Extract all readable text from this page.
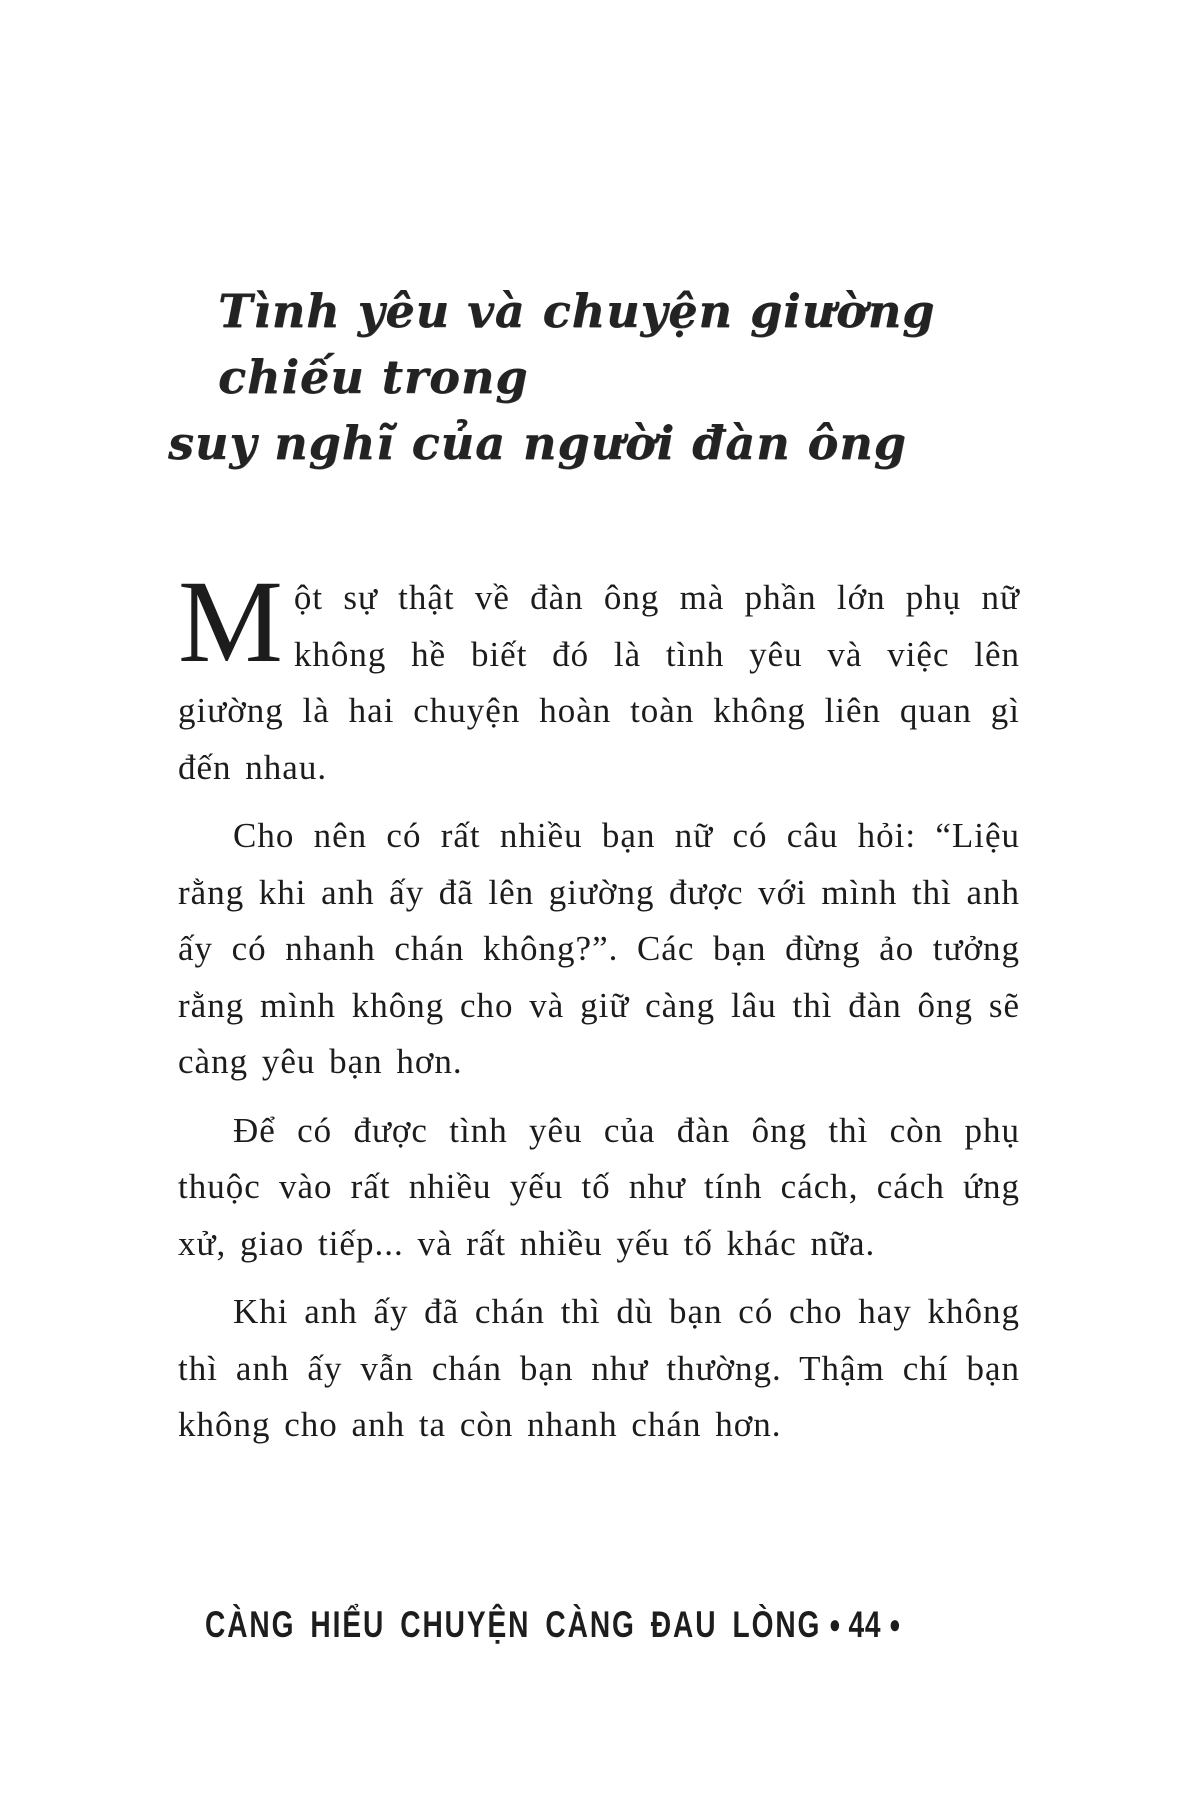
Tình yêu và chuyện giường chiếu trong
suy nghĩ của người đàn ông

Một sự thật về đàn ông mà phần lớn phụ nữ không hề biết đó là tình yêu và việc lên giường là hai chuyện hoàn toàn không liên quan gì đến nhau.

Cho nên có rất nhiều bạn nữ có câu hỏi: “Liệu rằng khi anh ấy đã lên giường được với mình thì anh ấy có nhanh chán không?”. Các bạn đừng ảo tưởng rằng mình không cho và giữ càng lâu thì đàn ông sẽ càng yêu bạn hơn.

Để có được tình yêu của đàn ông thì còn phụ thuộc vào rất nhiều yếu tố như tính cách, cách ứng xử, giao tiếp... và rất nhiều yếu tố khác nữa.

Khi anh ấy đã chán thì dù bạn có cho hay không thì anh ấy vẫn chán bạn như thường. Thậm chí bạn không cho anh ta còn nhanh chán hơn.

CÀNG HIỂU CHUYỆN CÀNG ĐAU LÒNG ● 44 ●
